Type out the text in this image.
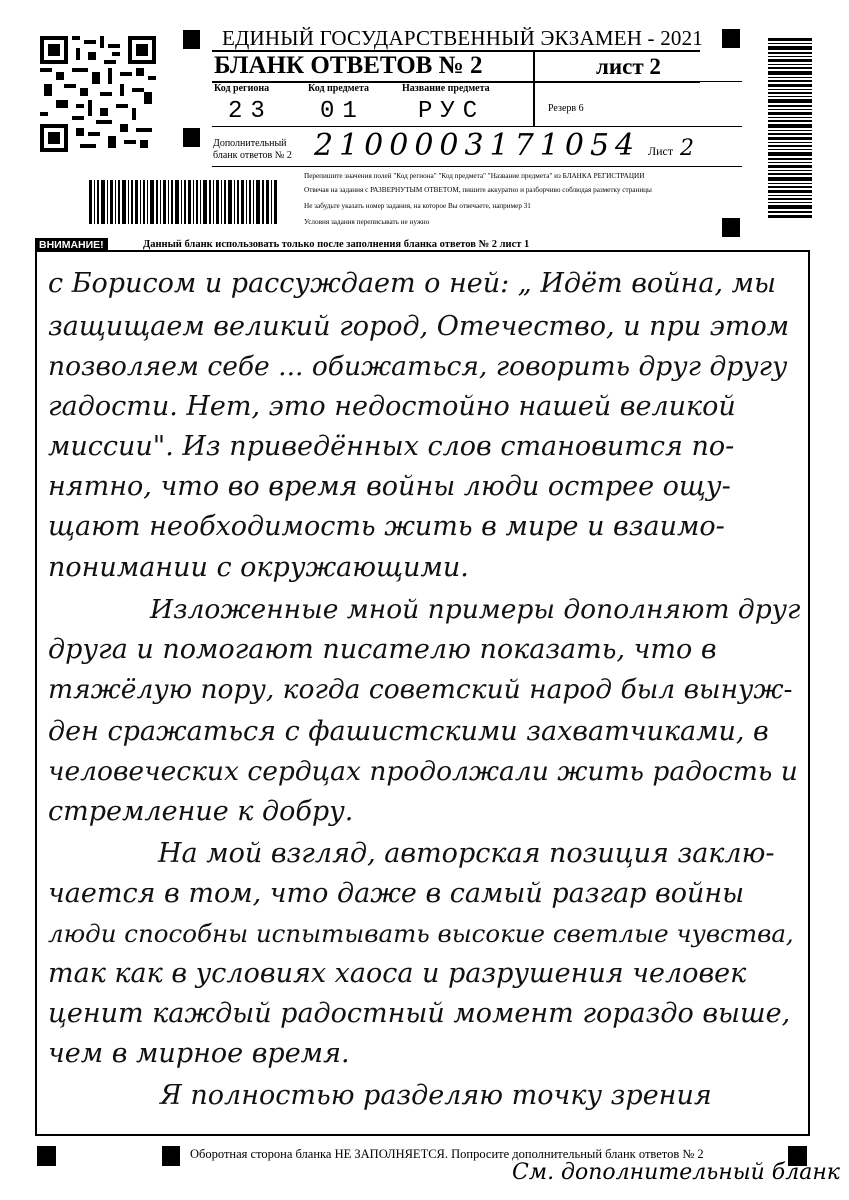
ЕДИНЫЙ ГОСУДАРСТВЕННЫЙ ЭКЗАМЕН - 2021
БЛАНК ОТВЕТОВ № 2	лист 2
Код региона	Код предмета	Название предмета
23 01 РУС	Резерв 6
Дополнительный
бланк ответов № 2 2100003171054 Лист 2
Перепишите значения полей "Код региона" "Код предмета" "Название предмета" из БЛАНКА РЕГИСТРАЦИИ
Отвечая на задания с РАЗВЕРНУТЫМ ОТВЕТОМ, пишите аккуратно и разборчиво соблюдая разметку страницы
Не забудьте указать номер задания, на которое Вы отвечаете, например 31
Условия задания переписывать не нужно
ВНИМАНИЕ!	Данный бланк использовать только после заполнения бланка ответов № 2 лист 1
с Борисом и рассуждает о ней: „ Идёт война, мы
защищаем великий город, Отечество, и при этом
позволяем себе ... обижаться, говорить друг другу
гадости. Нет, это недостойно нашей великой
миссии". Из приведённых слов становится по-
нятно, что во время войны люди острее ощу-
щают необходимость жить в мире и взаимо-
понимании с окружающими.
Изложенные мной примеры дополняют друг
друга и помогают писателю показать, что в
тяжёлую пору, когда советский народ был вынуж-
ден сражаться с фашистскими захватчиками, в
человеческих сердцах продолжали жить радость и
стремление к добру.
На мой взгляд, авторская позиция заклю-
чается в том, что даже в самый разгар войны
люди способны испытывать высокие светлые чувства,
так как в условиях хаоса и разрушения человек
ценит каждый радостный момент гораздо выше,
чем в мирное время.
Я полностью разделяю точку зрения
Оборотная сторона бланка НЕ ЗАПОЛНЯЕТСЯ. Попросите дополнительный бланк ответов № 2
См. дополнительный бланк
